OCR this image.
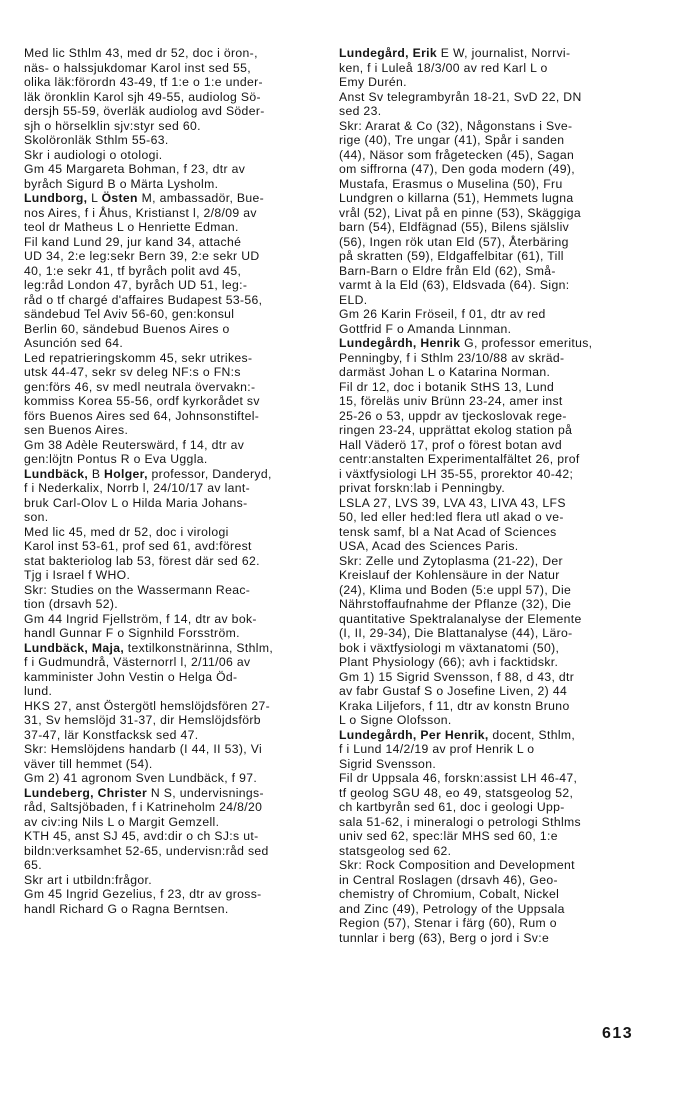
Med lic Sthlm 43, med dr 52, doc i öron-,
näs- o halssjukdomar Karol inst sed 55,
olika läk:förordn 43-49, tf 1:e o 1:e under-
läk öronklin Karol sjh 49-55, audiolog Sö-
dersjh 55-59, överläk audiolog avd Söder-
sjh o hörselklin sjv:styr sed 60.
Skolöronläk Sthlm 55-63.
Skr i audiologi o otologi.
Gm 45 Margareta Bohman, f 23, dtr av
byråch Sigurd B o Märta Lysholm.
Lundborg, L Östen M, ambassadör, Bue-
nos Aires, f i Åhus, Kristianst l, 2/8/09 av
teol dr Matheus L o Henriette Edman.
Fil kand Lund 29, jur kand 34, attaché
UD 34, 2:e leg:sekr Bern 39, 2:e sekr UD
40, 1:e sekr 41, tf byråch polit avd 45,
leg:råd London 47, byråch UD 51, leg:-
råd o tf chargé d'affaires Budapest 53-56,
sändebud Tel Aviv 56-60, gen:konsul
Berlin 60, sändebud Buenos Aires o
Asunción sed 64.
Led repatrieringskomm 45, sekr utrikes-
utsk 44-47, sekr sv deleg NF:s o FN:s
gen:förs 46, sv medl neutrala övervakn:-
kommiss Korea 55-56, ordf kyrkorådet sv
förs Buenos Aires sed 64, Johnsonstiftel-
sen Buenos Aires.
Gm 38 Adèle Reuterswärd, f 14, dtr av
gen:löjtn Pontus R o Eva Uggla.
Lundbäck, B Holger, professor, Danderyd,
f i Nederkalix, Norrb l, 24/10/17 av lant-
bruk Carl-Olov L o Hilda Maria Johans-
son.
Med lic 45, med dr 52, doc i virologi
Karol inst 53-61, prof sed 61, avd:förest
stat bakteriolog lab 53, förest där sed 62.
Tjg i Israel f WHO.
Skr: Studies on the Wassermann Reac-
tion (drsavh 52).
Gm 44 Ingrid Fjellström, f 14, dtr av bok-
handl Gunnar F o Signhild Forsström.
Lundbäck, Maja, textilkonstnärinna, Sthlm,
f i Gudmundrå, Västernorrl l, 2/11/06 av
kamminister John Vestin o Helga Öd-
lund.
HKS 27, anst Östergötl hemslöjdsfören 27-
31, Sv hemslöjd 31-37, dir Hemslöjdsförb
37-47, lär Konstfacksk sed 47.
Skr: Hemslöjdens handarb (I 44, II 53), Vi
väver till hemmet (54).
Gm 2) 41 agronom Sven Lundbäck, f 97.
Lundeberg, Christer N S, undervisnings-
råd, Saltsjöbaden, f i Katrineholm 24/8/20
av civ:ing Nils L o Margit Gemzell.
KTH 45, anst SJ 45, avd:dir o ch SJ:s ut-
bildn:verksamhet 52-65, undervisn:råd sed
65.
Skr art i utbildn:frågor.
Gm 45 Ingrid Gezelius, f 23, dtr av gross-
handl Richard G o Ragna Berntsen.
Lundegård, Erik E W, journalist, Norrvi-
ken, f i Luleå 18/3/00 av red Karl L o
Emy Durén.
Anst Sv telegrambyrån 18-21, SvD 22, DN
sed 23.
Skr: Ararat & Co (32), Någonstans i Sve-
rige (40), Tre ungar (41), Spår i sanden
(44), Näsor som frågetecken (45), Sagan
om siffrorna (47), Den goda modern (49),
Mustafa, Erasmus o Muselina (50), Fru
Lundgren o killarna (51), Hemmets lugna
vrål (52), Livat på en pinne (53), Skäggiga
barn (54), Eldfägnad (55), Bilens själsliv
(56), Ingen rök utan Eld (57), Återbäring
på skratten (59), Eldgaffelbitar (61), Till
Barn-Barn o Eldre från Eld (62), Små-
varmt à la Eld (63), Eldsvada (64). Sign:
ELD.
Gm 26 Karin Fröseil, f 01, dtr av red
Gottfrid F o Amanda Linnman.
Lundegårdh, Henrik G, professor emeritus,
Penningby, f i Sthlm 23/10/88 av skräd-
darmäst Johan L o Katarina Norman.
Fil dr 12, doc i botanik StHS 13, Lund
15, föreläs univ Brünn 23-24, amer inst
25-26 o 53, uppdr av tjeckoslovak rege-
ringen 23-24, upprättat ekolog station på
Hall Väderö 17, prof o förest botan avd
centr:anstalten Experimentalfältet 26, prof
i växtfysiologi LH 35-55, prorektor 40-42;
privat forskn:lab i Penningby.
LSLA 27, LVS 39, LVA 43, LIVA 43, LFS
50, led eller hed:led flera utl akad o ve-
tensk samf, bl a Nat Acad of Sciences
USA, Acad des Sciences Paris.
Skr: Zelle und Zytoplasma (21-22), Der
Kreislauf der Kohlensäure in der Natur
(24), Klima und Boden (5:e uppl 57), Die
Nährstoffaufnahme der Pflanze (32), Die
quantitative Spektralanalyse der Elemente
(I, II, 29-34), Die Blattanalyse (44), Läro-
bok i växtfysiologi m växtanatomi (50),
Plant Physiology (66); avh i facktidskr.
Gm 1) 15 Sigrid Svensson, f 88, d 43, dtr
av fabr Gustaf S o Josefine Liven, 2) 44
Kraka Liljefors, f 11, dtr av konstn Bruno
L o Signe Olofsson.
Lundegårdh, Per Henrik, docent, Sthlm,
f i Lund 14/2/19 av prof Henrik L o
Sigrid Svensson.
Fil dr Uppsala 46, forskn:assist LH 46-47,
tf geolog SGU 48, eo 49, statsgeolog 52,
ch kartbyrån sed 61, doc i geologi Upp-
sala 51-62, i mineralogi o petrologi Sthlms
univ sed 62, spec:lär MHS sed 60, 1:e
statsgeolog sed 62.
Skr: Rock Composition and Development
in Central Roslagen (drsavh 46), Geo-
chemistry of Chromium, Cobalt, Nickel
and Zinc (49), Petrology of the Uppsala
Region (57), Stenar i färg (60), Rum o
tunnlar i berg (63), Berg o jord i Sv:e
613
